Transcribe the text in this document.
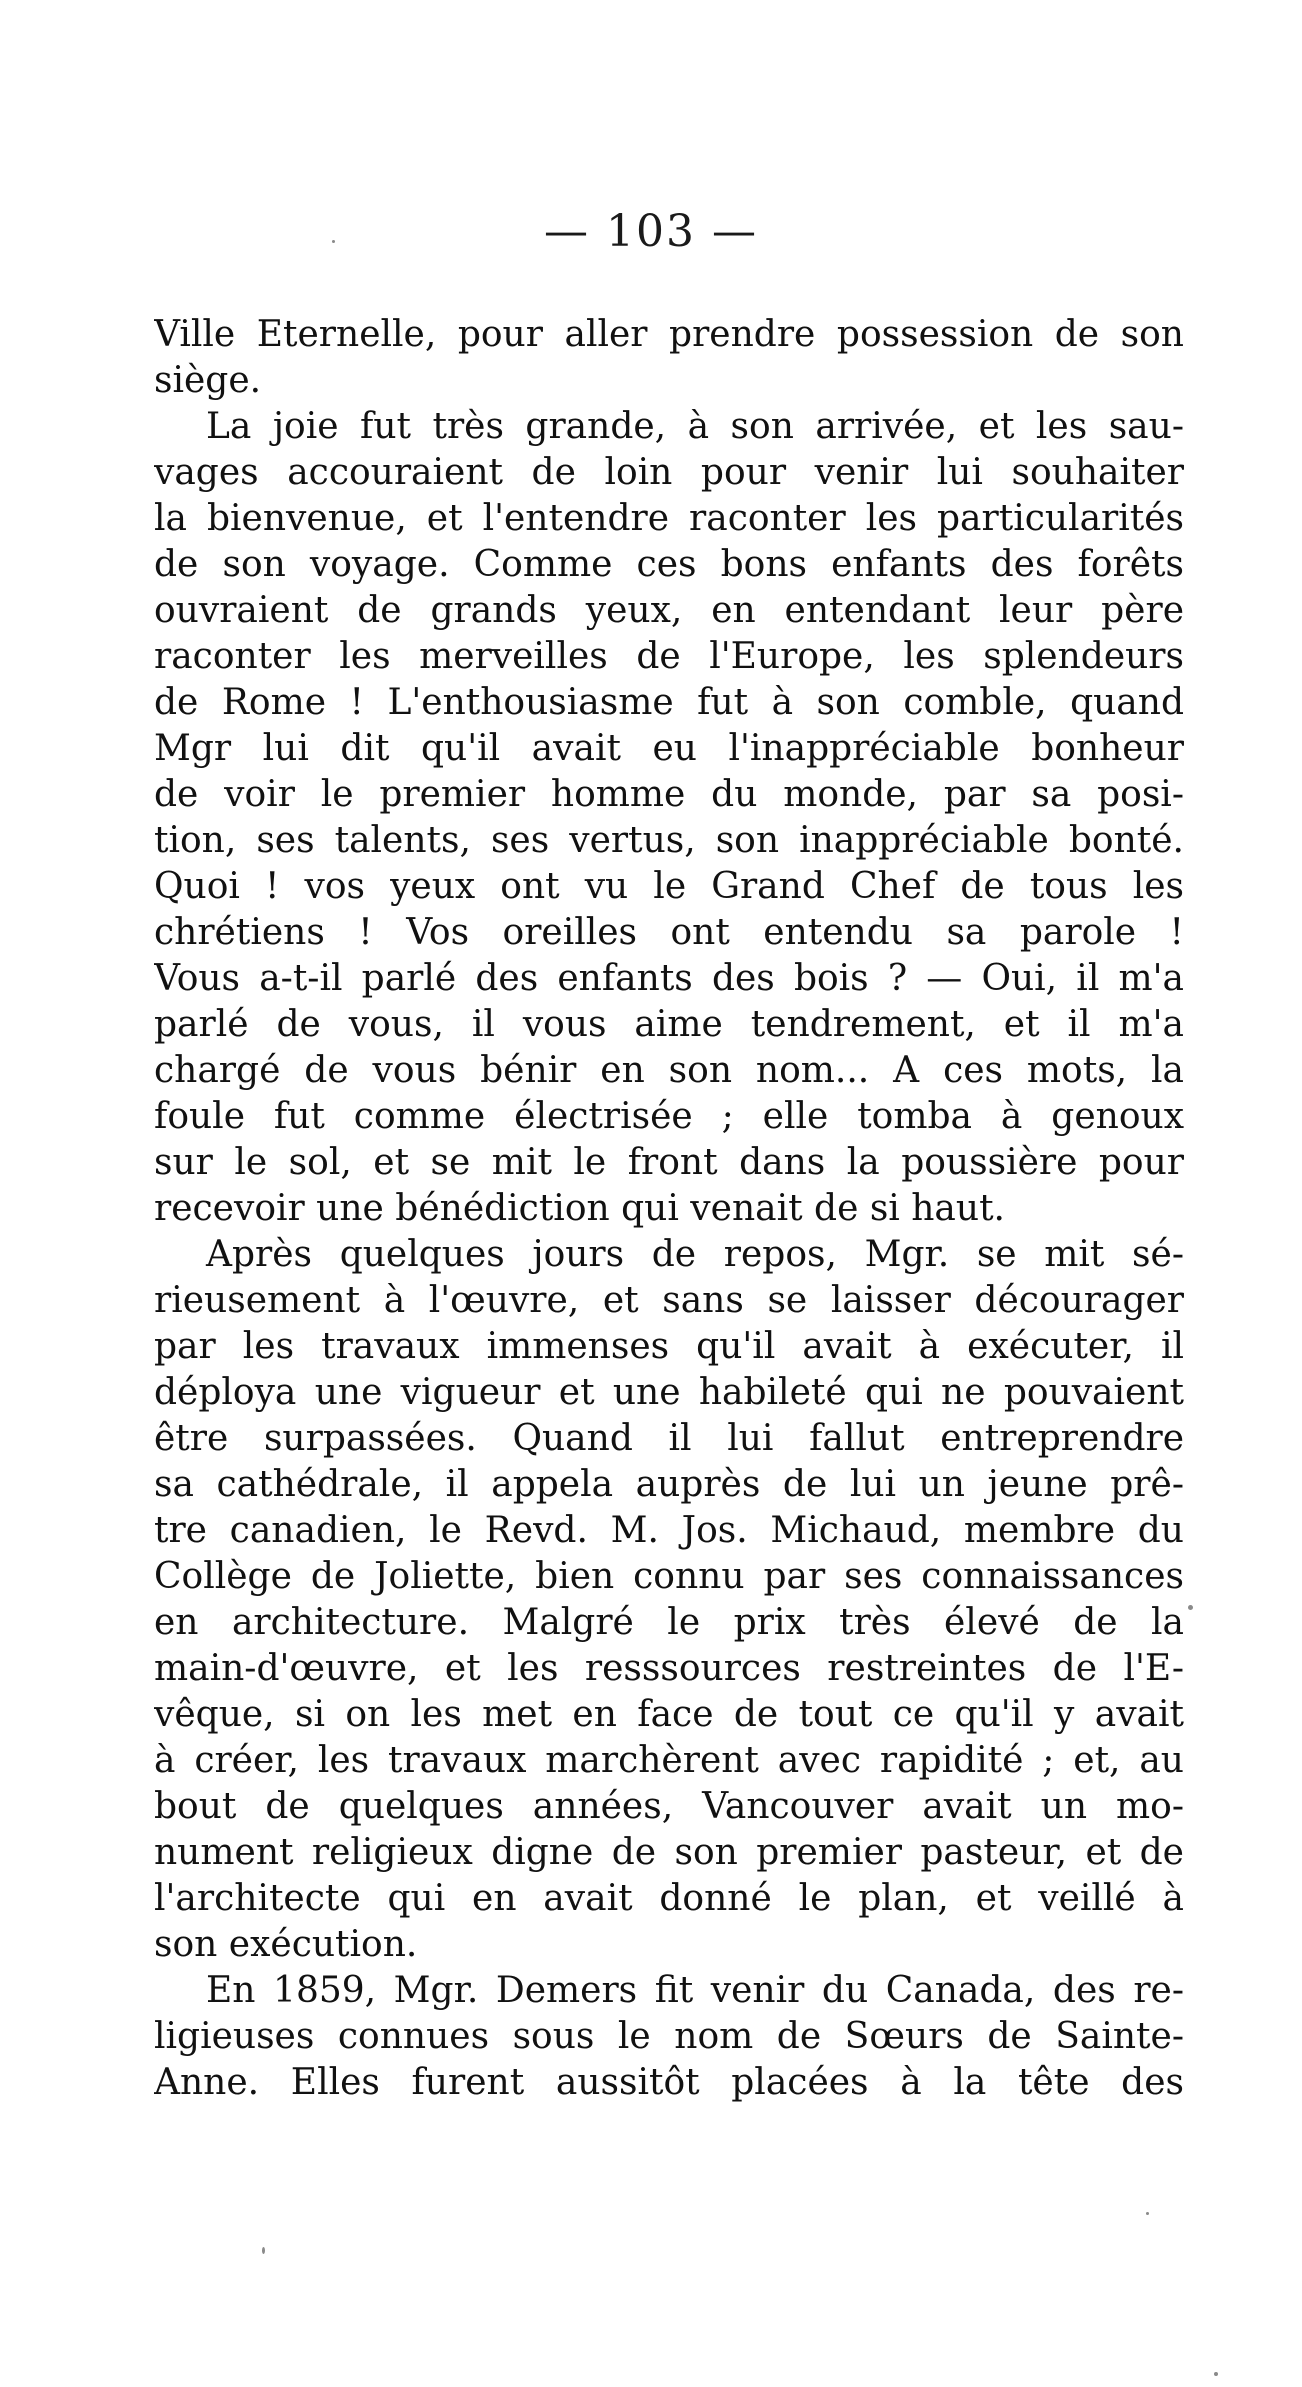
— 103 —
Ville Eternelle, pour aller prendre possession de son
siège.
La joie fut très grande, à son arrivée, et les sau-
vages accouraient de loin pour venir lui souhaiter
la bienvenue, et l'entendre raconter les particularités
de son voyage. Comme ces bons enfants des forêts
ouvraient de grands yeux, en entendant leur père
raconter les merveilles de l'Europe, les splendeurs
de Rome ! L'enthousiasme fut à son comble, quand
Mgr lui dit qu'il avait eu l'inappréciable bonheur
de voir le premier homme du monde, par sa posi-
tion, ses talents, ses vertus, son inappréciable bonté.
Quoi ! vos yeux ont vu le Grand Chef de tous les
chrétiens ! Vos oreilles ont entendu sa parole !
Vous a-t-il parlé des enfants des bois ? — Oui, il m'a
parlé de vous, il vous aime tendrement, et il m'a
chargé de vous bénir en son nom... A ces mots, la
foule fut comme électrisée ; elle tomba à genoux
sur le sol, et se mit le front dans la poussière pour
recevoir une bénédiction qui venait de si haut.
Après quelques jours de repos, Mgr. se mit sé-
rieusement à l'œuvre, et sans se laisser décourager
par les travaux immenses qu'il avait à exécuter, il
déploya une vigueur et une habileté qui ne pouvaient
être surpassées. Quand il lui fallut entreprendre
sa cathédrale, il appela auprès de lui un jeune prê-
tre canadien, le Revd. M. Jos. Michaud, membre du
Collège de Joliette, bien connu par ses connaissances
en architecture. Malgré le prix très élevé de la
main-d'œuvre, et les resssources restreintes de l'E-
vêque, si on les met en face de tout ce qu'il y avait
à créer, les travaux marchèrent avec rapidité ; et, au
bout de quelques années, Vancouver avait un mo-
nument religieux digne de son premier pasteur, et de
l'architecte qui en avait donné le plan, et veillé à
son exécution.
En 1859, Mgr. Demers fit venir du Canada, des re-
ligieuses connues sous le nom de Sœurs de Sainte-
Anne. Elles furent aussitôt placées à la tête des
